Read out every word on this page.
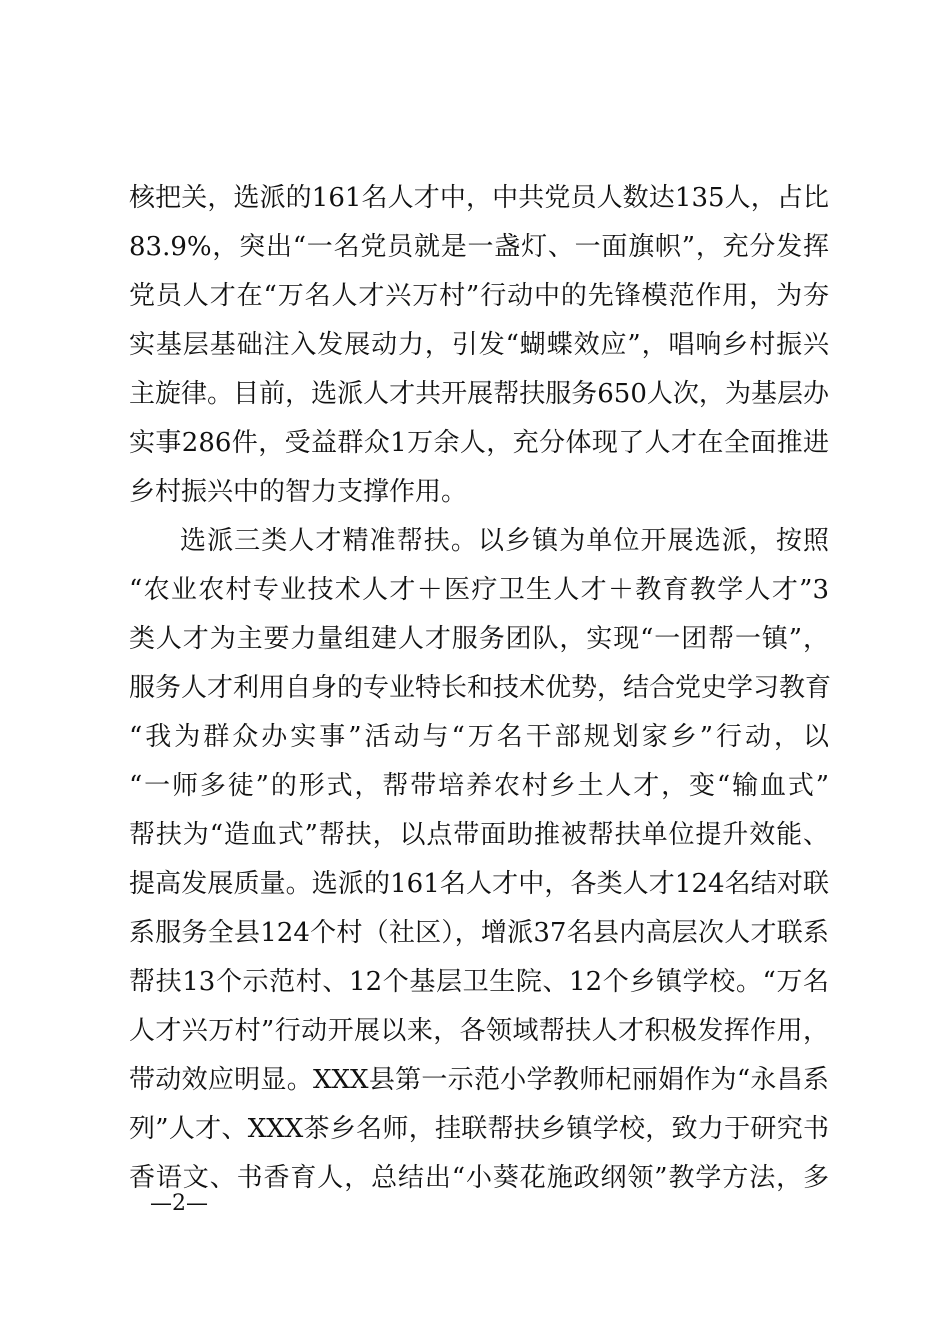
核把关，选派的161名人才中，中共党员人数达135人，占比
83.9%，突出“一名党员就是一盏灯、一面旗帜”，充分发挥
党员人才在“万名人才兴万村”行动中的先锋模范作用，为夯
实基层基础注入发展动力，引发“蝴蝶效应”，唱响乡村振兴
主旋律。目前，选派人才共开展帮扶服务650人次，为基层办
实事286件，受益群众1万余人，充分体现了人才在全面推进
乡村振兴中的智力支撑作用。
选派三类人才精准帮扶。以乡镇为单位开展选派，按照
“农业农村专业技术人才＋医疗卫生人才＋教育教学人才”3
类人才为主要力量组建人才服务团队，实现“一团帮一镇”，
服务人才利用自身的专业特长和技术优势，结合党史学习教育
“我为群众办实事”活动与“万名干部规划家乡”行动，以
“一师多徒”的形式，帮带培养农村乡土人才，变“输血式”
帮扶为“造血式”帮扶，以点带面助推被帮扶单位提升效能、
提高发展质量。选派的161名人才中，各类人才124名结对联
系服务全县124个村（社区），增派37名县内高层次人才联系
帮扶13个示范村、12个基层卫生院、12个乡镇学校。“万名
人才兴万村”行动开展以来，各领域帮扶人才积极发挥作用，
带动效应明显。XXX县第一示范小学教师杞丽娟作为“永昌系
列”人才、XXX茶乡名师，挂联帮扶乡镇学校，致力于研究书
香语文、书香育人，总结出“小葵花施政纲领”教学方法，多
—2—
